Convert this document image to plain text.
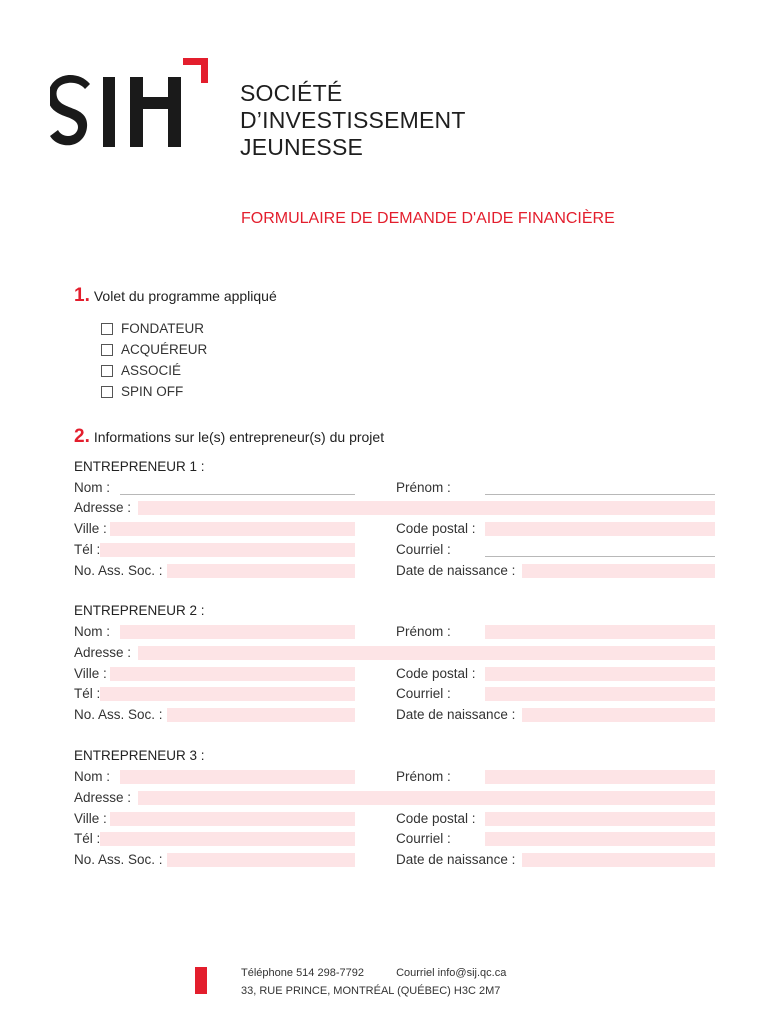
SOCIÉTÉ
D’INVESTISSEMENT
JEUNESSE
FORMULAIRE DE DEMANDE D'AIDE FINANCIÈRE
1. Volet du programme appliqué
FONDATEUR
ACQUÉREUR
ASSOCIÉ
SPIN OFF
2. Informations sur le(s) entrepreneur(s) du projet
ENTREPRENEUR 1 :
Nom :	Prénom :
Adresse :
Ville :	Code postal :
Tél :	Courriel :
No. Ass. Soc. :	Date de naissance :
ENTREPRENEUR 2 :
Nom :	Prénom :
Adresse :
Ville :	Code postal :
Tél :	Courriel :
No. Ass. Soc. :	Date de naissance :
ENTREPRENEUR 3 :
Nom :	Prénom :
Adresse :
Ville :	Code postal :
Tél :	Courriel :
No. Ass. Soc. :	Date de naissance :
Téléphone 514 298-7792	Courriel info@sij.qc.ca
33, RUE PRINCE, MONTRÉAL (QUÉBEC) H3C 2M7
